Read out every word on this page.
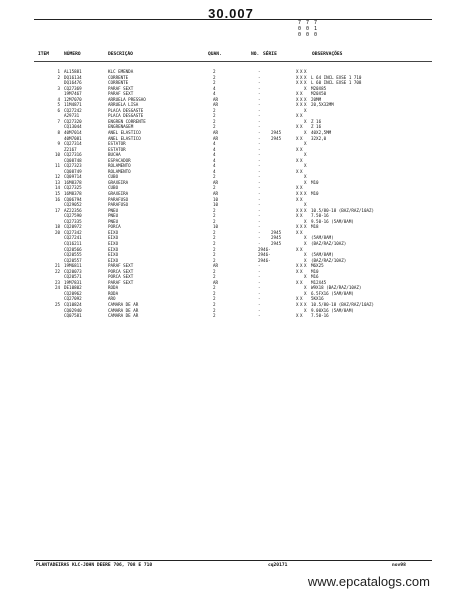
30.007
7 7 7
0 0 1
0 0 0
ITEM	NÚMERO	DESCRIÇÃO	QUAN.	NO. SÉRIE	OBSERVAÇÕES
1 AL15881	KLC EMENDA	2	-	X X X
2 DQ16134	CORRENTE	2	-	X X X L 64 INCL EXSE 1 710
DQ16476	CORRENTE	2	-	X X X L 60 INCL EXSE 1 708
3 CQ27369	PARAF SEXT	4	-	X M20X85
19M7467	PARAF SEXT	4	-	X X M20X50
4 12M7070	ARRUELA PRESSAO	AR	-	X X X 20MM
5 11M4871	ARRUELA LISA	AR	-	X X X 20,5X32MM
6 CQ27242	PLACA DESGASTE	2	-	X
A29731	PLACA DESGASTE	2	-	X X
7 CQ27320	ENGREN CORRENTE	2	-	X Z 16
CQ13044	ENGRENAGEM	2	-	X X Z 16
8 40M7014	ANEL ELASTICO	AR	- 2945	X 40X2,5MM
40M7081	ANEL ELASTICO	AR	- 2945	X X 32X2,0
9 CQ27314	ESTATOR	4	-	X
Z2167	ESTATOR	4	-	X X
10 CQ27316	BUCHA	4	-	X
CQ08748	ESPACADOR	4	-	X X
11 CQ27323	ROLAMENTO	4	-	X
CQ08749	ROLAMENTO	4	-	X X
12 CQ09714	CUBO	2	-	X
13 16M8378	GRAXEIRA	AR	-	X M10
14 CQ27325	CUBO	2	-	X X
15 16M8378	GRAXEIRA	AR	-	X X X M10
16 CQ06794	PARAFUSO	10	-	X X
CQ29052	PARAFUSO	10	-	X
17 AZ22356	PNEU	2	-	X X X 10.5/80-18 (BAZ/RAZ/10AZ)
CQ27590	PNEU	2	-	X X 7.50-16
CQ27335	PNEU	2	-	X 9.50-16 (5AM/8AM)
18 CQ20972	PORCA	10	-	X X X M18
20 CQ27342	EIXO	2	- 2945	X X
CQ27241	EIXO	2	- 2945	X (5AM/8AM)
CQ16211	EIXO	2	- 2945	X (BAZ/RAZ/10AZ)
CQ20566	EIXO	2	2946-	X X
CQ20555	EIXO	2	2946-	X (5AM/8AM)
CQ20557	EIXO	2	2946-	X (BAZ/RAZ/10AZ)
21 19M6811	PARAF SEXT	AR	-	X X X M6X25
22 CQ20073	PORCA SEXT	2	-	X X M10
CQ20571	PORCA SEXT	2	-	X M16
23 19M7831	PARAF SEXT	AR	-	X X M12X45
24 DE10802	RODA	2	-	X W9X18 (BAZ/RAZ/10AZ)
CQ20962	RODA	2	-	X 6.5FX16 (5AM/8AM)
CQ27092	ARO	2	-	X X 5KX16
25 CQ10824	CAMARA DE AR	2	-	X X X 10.5/80-18 (BAZ/RAZ/10AZ)
CQ02940	CAMARA DE AR	2	-	X 9.00X16 (5AM/8AM)
CQ07581	CAMARA DE AR	2	-	X X 7.50-16
PLANTADEIRAS KLC-JOHN DEERE 706, 708 E 710	cq20171	nov98
www.epcatalogs.com
